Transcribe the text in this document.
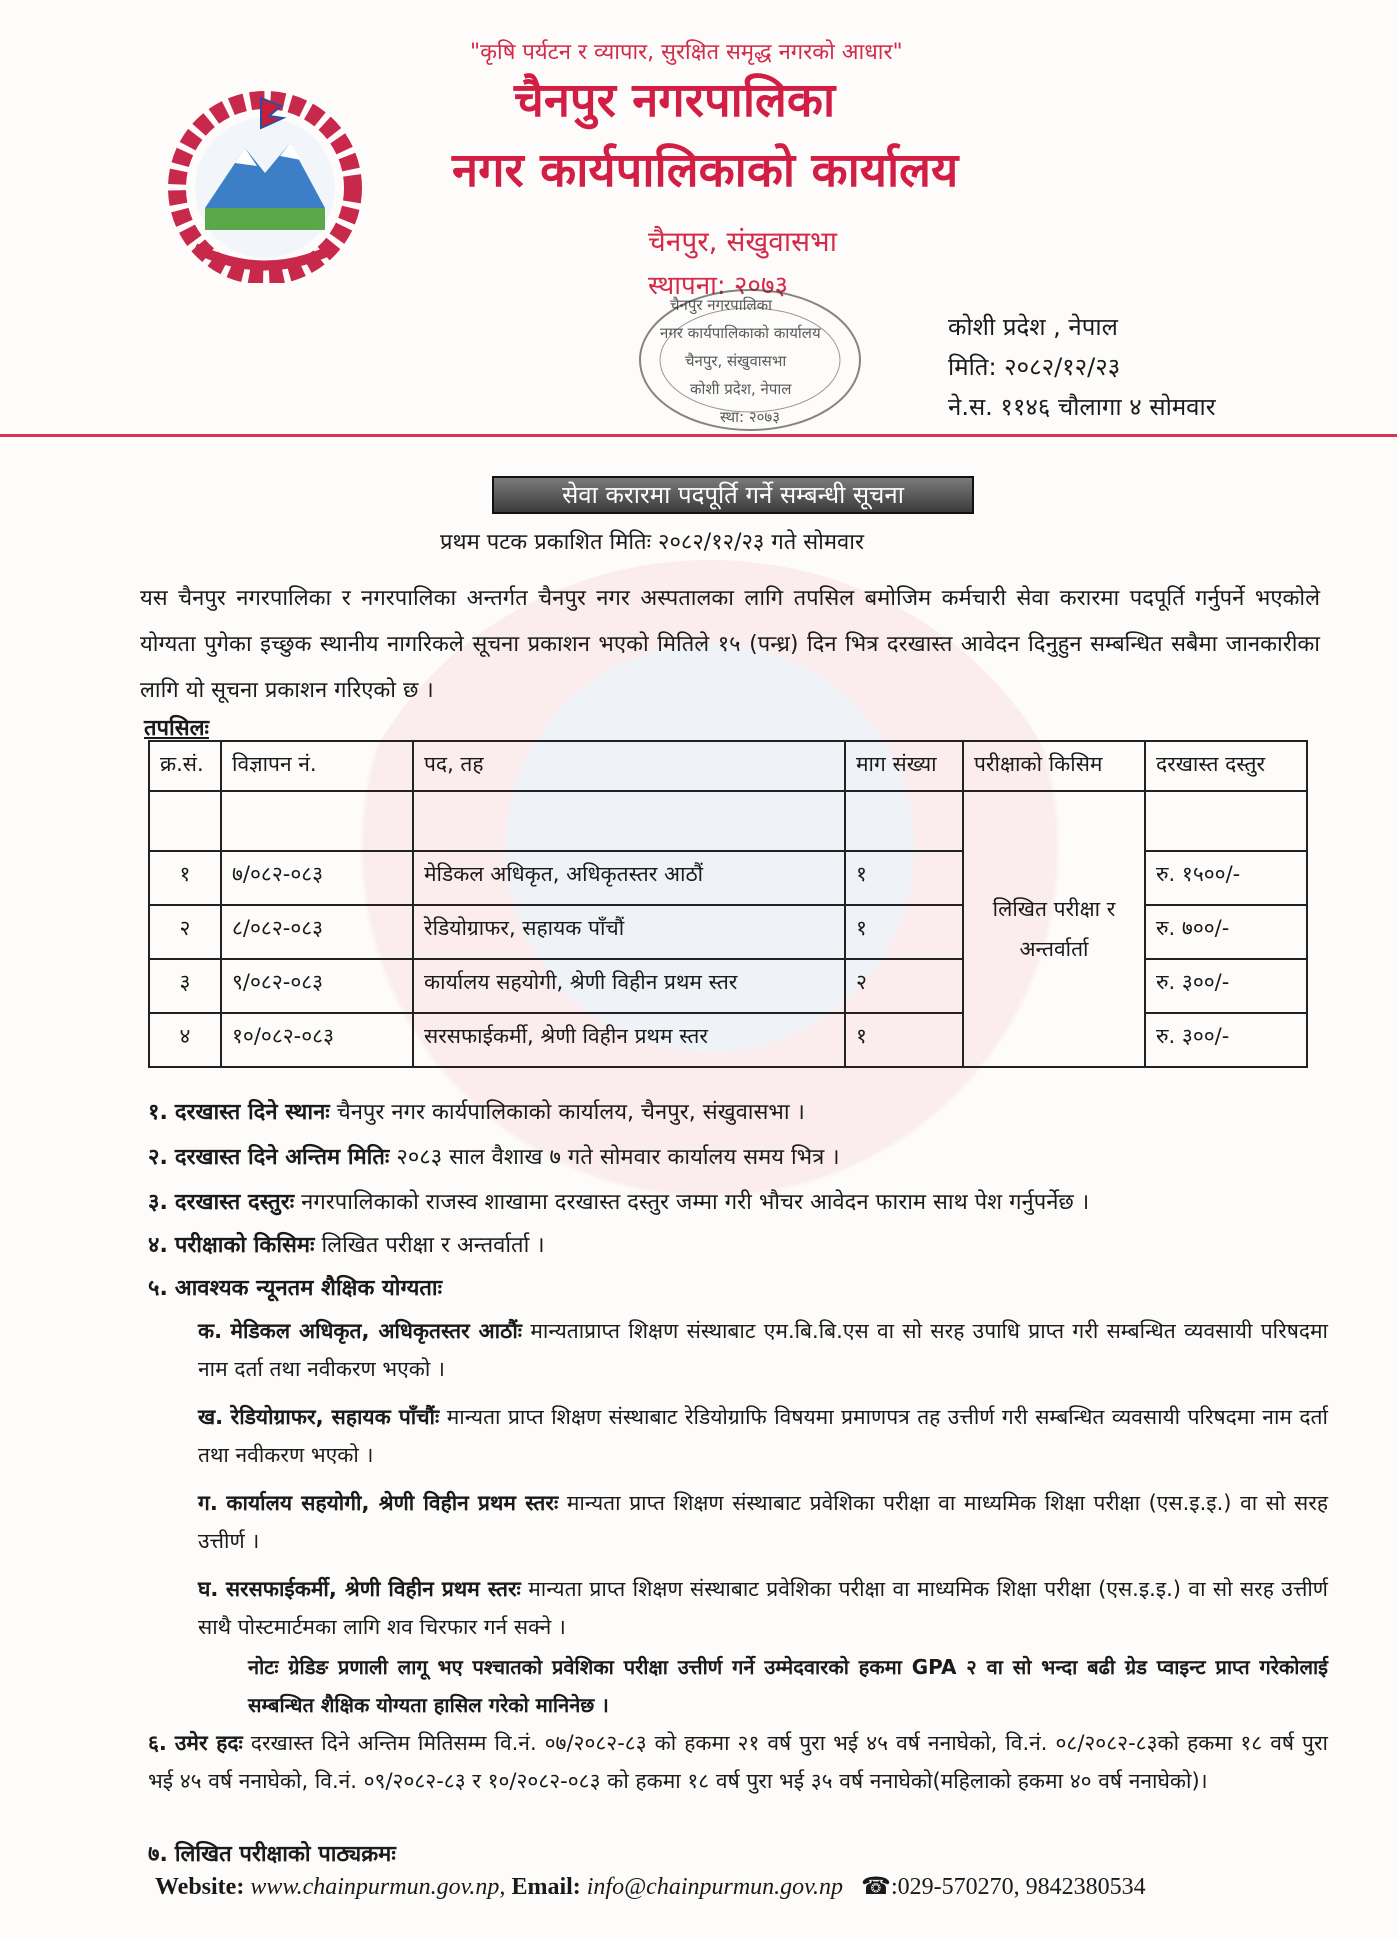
"कृषि पर्यटन र व्यापार, सुरक्षित समृद्ध नगरको आधार"
चैनपुर नगरपालिका
नगर कार्यपालिकाको कार्यालय
चैनपुर, संखुवासभा
स्थापना: २०७३
चैनपुर नगरपालिका
नगर कार्यपालिकाको कार्यालय
चैनपुर, संखुवासभा
कोशी प्रदेश, नेपाल
स्था: २०७३
कोशी प्रदेश , नेपाल
मिति: २०८२/१२/२३
ने.स. ११४६ चौलागा ४ सोमवार
सेवा करारमा पदपूर्ति गर्ने सम्बन्धी सूचना
प्रथम पटक प्रकाशित मितिः २०८२/१२/२३ गते सोमवार
यस चैनपुर नगरपालिका र नगरपालिका अन्तर्गत चैनपुर नगर अस्पतालका लागि तपसिल बमोजिम कर्मचारी सेवा करारमा पदपूर्ति गर्नुपर्ने भएकोले योग्यता पुगेका इच्छुक स्थानीय नागरिकले सूचना प्रकाशन भएको मितिले १५ (पन्ध्र) दिन भित्र दरखास्त आवेदन दिनुहुन सम्बन्धित सबैमा जानकारीका लागि यो सूचना प्रकाशन गरिएको छ ।
तपसिलः
क्र.सं.	विज्ञापन नं.	पद, तह	माग संख्या	परीक्षाको किसिम	दरखास्त दस्तुर
				लिखित परीक्षा र अन्तर्वार्ता	
१	७/०८२-०८३	मेडिकल अधिकृत, अधिकृतस्तर आठौं	१		रु. १५००/-
२	८/०८२-०८३	रेडियोग्राफर, सहायक पाँचौं	१		रु. ७००/-
३	९/०८२-०८३	कार्यालय सहयोगी, श्रेणी विहीन प्रथम स्तर	२		रु. ३००/-
४	१०/०८२-०८३	सरसफाईकर्मी, श्रेणी विहीन प्रथम स्तर	१		रु. ३००/-
१. दरखास्त दिने स्थानः चैनपुर नगर कार्यपालिकाको कार्यालय, चैनपुर, संखुवासभा ।
२. दरखास्त दिने अन्तिम मितिः २०८३ साल वैशाख ७ गते सोमवार कार्यालय समय भित्र ।
३. दरखास्त दस्तुरः नगरपालिकाको राजस्व शाखामा दरखास्त दस्तुर जम्मा गरी भौचर आवेदन फाराम साथ पेश गर्नुपर्नेछ ।
४. परीक्षाको किसिमः लिखित परीक्षा र अन्तर्वार्ता ।
५. आवश्यक न्यूनतम शैक्षिक योग्यताः
क. मेडिकल अधिकृत, अधिकृतस्तर आठौंः मान्यताप्राप्त शिक्षण संस्थाबाट एम.बि.बि.एस वा सो सरह उपाधि प्राप्त गरी सम्बन्धित व्यवसायी परिषदमा नाम दर्ता तथा नवीकरण भएको ।
ख. रेडियोग्राफर, सहायक पाँचौंः मान्यता प्राप्त शिक्षण संस्थाबाट रेडियोग्राफि विषयमा प्रमाणपत्र तह उत्तीर्ण गरी सम्बन्धित व्यवसायी परिषदमा नाम दर्ता तथा नवीकरण भएको ।
ग. कार्यालय सहयोगी, श्रेणी विहीन प्रथम स्तरः मान्यता प्राप्त शिक्षण संस्थाबाट प्रवेशिका परीक्षा वा माध्यमिक शिक्षा परीक्षा (एस.इ.इ.) वा सो सरह उत्तीर्ण ।
घ. सरसफाईकर्मी, श्रेणी विहीन प्रथम स्तरः मान्यता प्राप्त शिक्षण संस्थाबाट प्रवेशिका परीक्षा वा माध्यमिक शिक्षा परीक्षा (एस.इ.इ.) वा सो सरह उत्तीर्ण साथै पोस्टमार्टमका लागि शव चिरफार गर्न सक्ने ।
नोटः ग्रेडिङ प्रणाली लागू भए पश्चातको प्रवेशिका परीक्षा उत्तीर्ण गर्ने उम्मेदवारको हकमा GPA २ वा सो भन्दा बढी ग्रेड प्वाइन्ट प्राप्त गरेकोलाई सम्बन्धित शैक्षिक योग्यता हासिल गरेको मानिनेछ ।
६. उमेर हदः दरखास्त दिने अन्तिम मितिसम्म वि.नं. ०७/२०८२-८३ को हकमा २१ वर्ष पुरा भई ४५ वर्ष ननाघेको, वि.नं. ०८/२०८२-८३को हकमा १८ वर्ष पुरा भई ४५ वर्ष ननाघेको, वि.नं. ०९/२०८२-८३ र १०/२०८२-०८३ को हकमा १८ वर्ष पुरा भई ३५ वर्ष ननाघेको(महिलाको हकमा ४० वर्ष ननाघेको)।
७. लिखित परीक्षाको पाठ्यक्रमः
Website: www.chainpurmun.gov.np, Email: info@chainpurmun.gov.np ☎:029-570270, 9842380534
